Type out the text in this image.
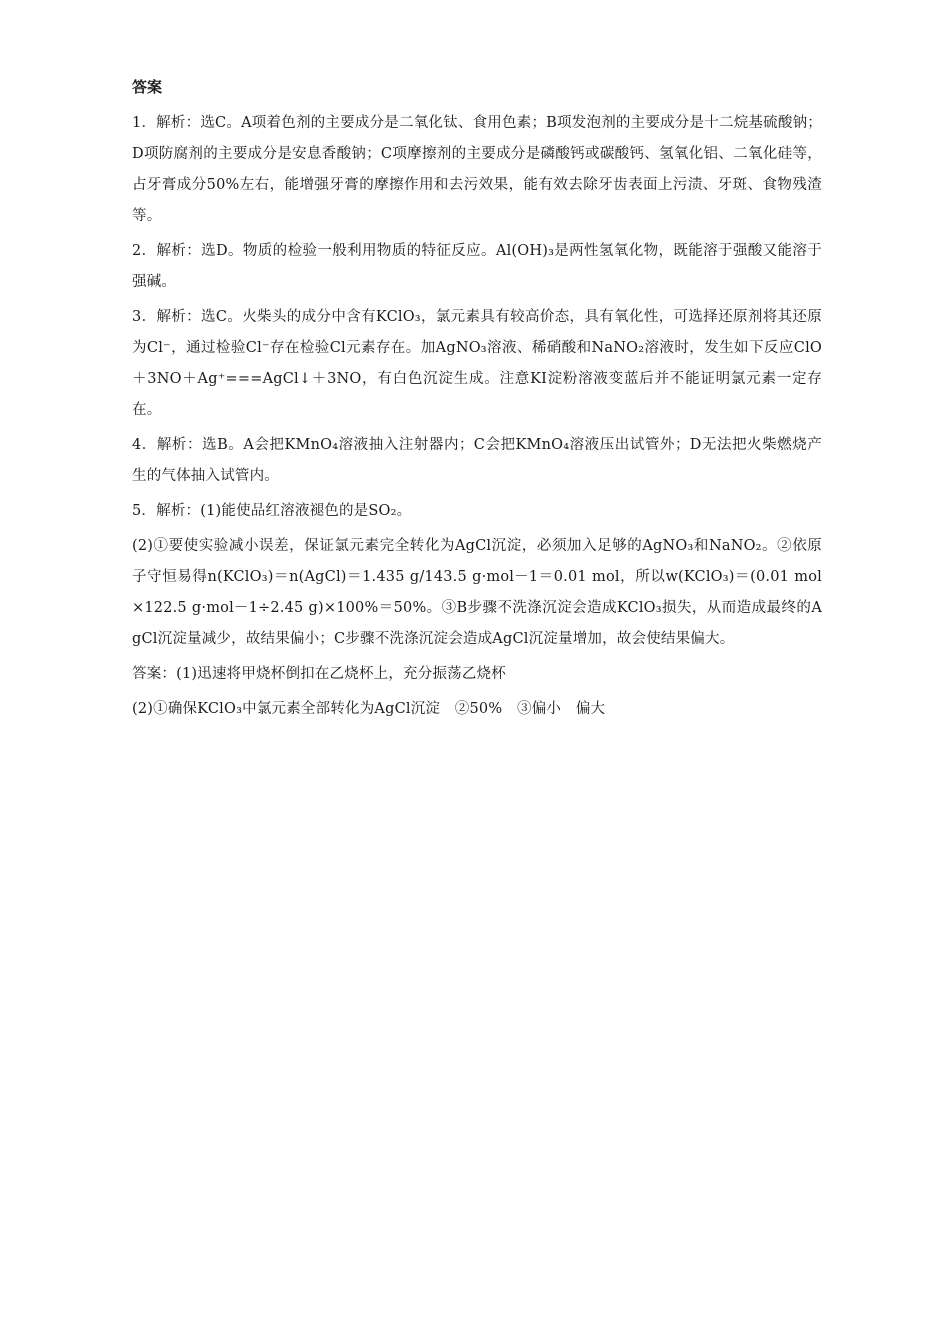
答案

1．解析：选C。A项着色剂的主要成分是二氧化钛、食用色素；B项发泡剂的主要成分是十二烷基硫酸钠；D项防腐剂的主要成分是安息香酸钠；C项摩擦剂的主要成分是磷酸钙或碳酸钙、氢氧化铝、二氧化硅等，占牙膏成分50%左右，能增强牙膏的摩擦作用和去污效果，能有效去除牙齿表面上污渍、牙斑、食物残渣等。

2．解析：选D。物质的检验一般利用物质的特征反应。Al(OH)₃是两性氢氧化物，既能溶于强酸又能溶于强碱。

3．解析：选C。火柴头的成分中含有KClO₃，氯元素具有较高价态，具有氧化性，可选择还原剂将其还原为Cl⁻，通过检验Cl⁻存在检验Cl元素存在。加AgNO₃溶液、稀硝酸和NaNO₂溶液时，发生如下反应ClO＋3NO＋Ag⁺===AgCl↓＋3NO，有白色沉淀生成。注意KI淀粉溶液变蓝后并不能证明氯元素一定存在。

4．解析：选B。A会把KMnO₄溶液抽入注射器内；C会把KMnO₄溶液压出试管外；D无法把火柴燃烧产生的气体抽入试管内。

5．解析：(1)能使品红溶液褪色的是SO₂。

(2)①要使实验减小误差，保证氯元素完全转化为AgCl沉淀，必须加入足够的AgNO₃和NaNO₂。②依原子守恒易得n(KClO₃)＝n(AgCl)＝1.435 g/143.5 g·mol－1＝0.01 mol，所以w(KClO₃)＝(0.01 mol×122.5 g·mol－1÷2.45 g)×100%＝50%。③B步骤不洗涤沉淀会造成KClO₃损失，从而造成最终的AgCl沉淀量减少，故结果偏小；C步骤不洗涤沉淀会造成AgCl沉淀量增加，故会使结果偏大。

答案：(1)迅速将甲烧杯倒扣在乙烧杯上，充分振荡乙烧杯

(2)①确保KClO₃中氯元素全部转化为AgCl沉淀　②50%　③偏小　偏大
